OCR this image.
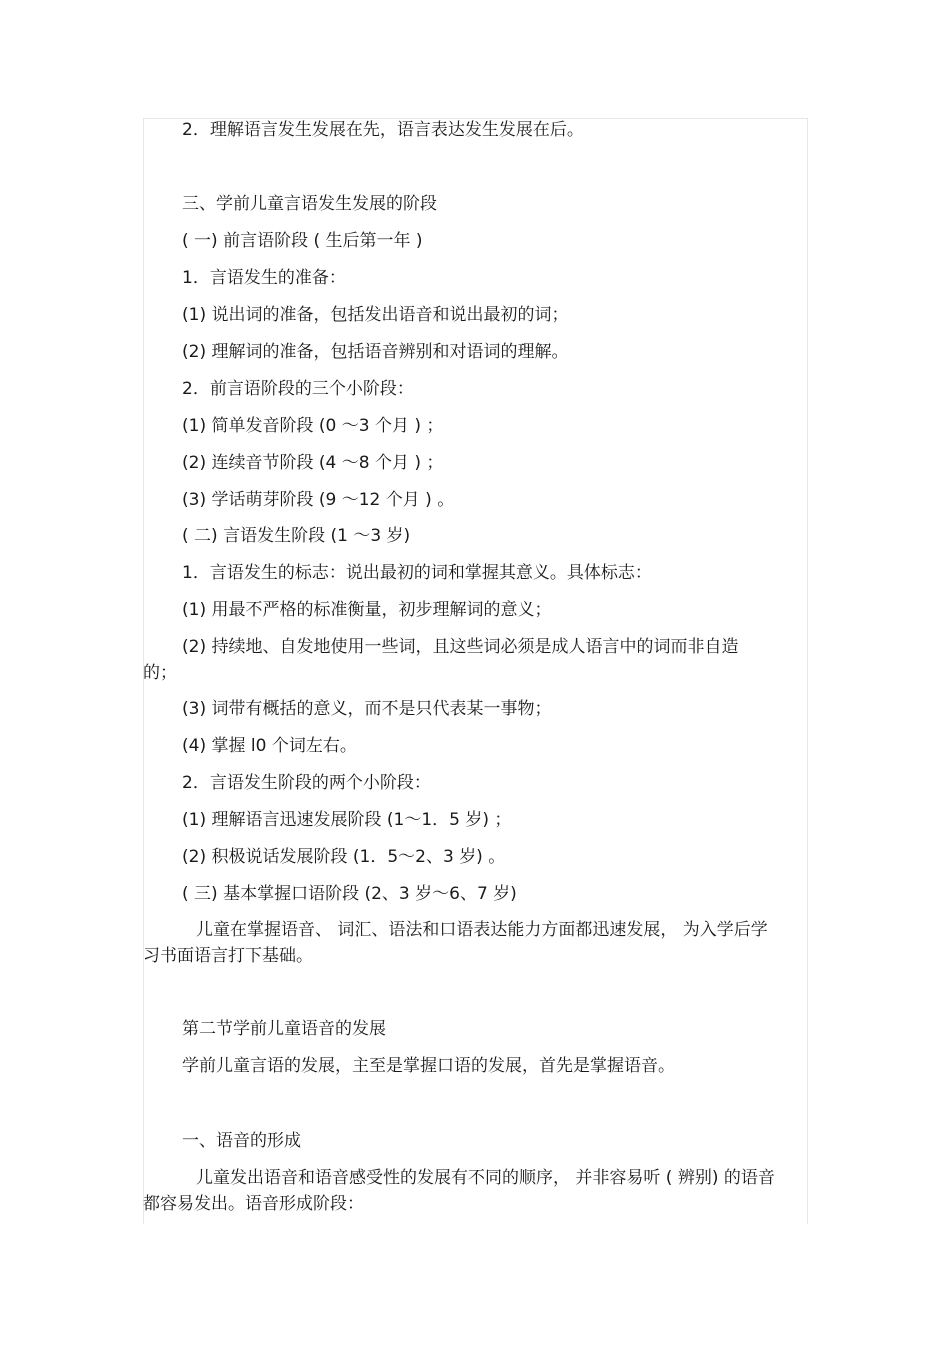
2．理解语言发生发展在先，语言表达发生发展在后。

三、学前儿童言语发生发展的阶段

( 一) 前言语阶段 ( 生后第一年 )

1．言语发生的准备：

(1) 说出词的准备，包括发出语音和说出最初的词；

(2) 理解词的准备，包括语音辨别和对语词的理解。

2．前言语阶段的三个小阶段：

(1) 简单发音阶段 (0 ～3 个月 ) ；

(2) 连续音节阶段 (4 ～8 个月 ) ；

(3) 学话萌芽阶段 (9 ～12 个月 ) 。

( 二) 言语发生阶段 (1 ～3 岁)

1．言语发生的标志：说出最初的词和掌握其意义。具体标志：

(1) 用最不严格的标准衡量，初步理解词的意义；

(2) 持续地、自发地使用一些词，且这些词必须是成人语言中的词而非自造

的；

(3) 词带有概括的意义，而不是只代表某一事物；

(4) 掌握 l0 个词左右。

2．言语发生阶段的两个小阶段：

(1) 理解语言迅速发展阶段 (1～1．5 岁) ；

(2) 积极说话发展阶段 (1．5～2、3 岁) 。

( 三) 基本掌握口语阶段 (2、3 岁～6、7 岁)

儿童在掌握语音、 词汇、语法和口语表达能力方面都迅速发展， 为入学后学
习书面语言打下基础。

第二节学前儿童语音的发展

学前儿童言语的发展，主至是掌握口语的发展，首先是掌握语音。

一、语音的形成

儿童发出语音和语音感受性的发展有不同的顺序， 并非容易听 ( 辨别) 的语音
都容易发出。语音形成阶段：
